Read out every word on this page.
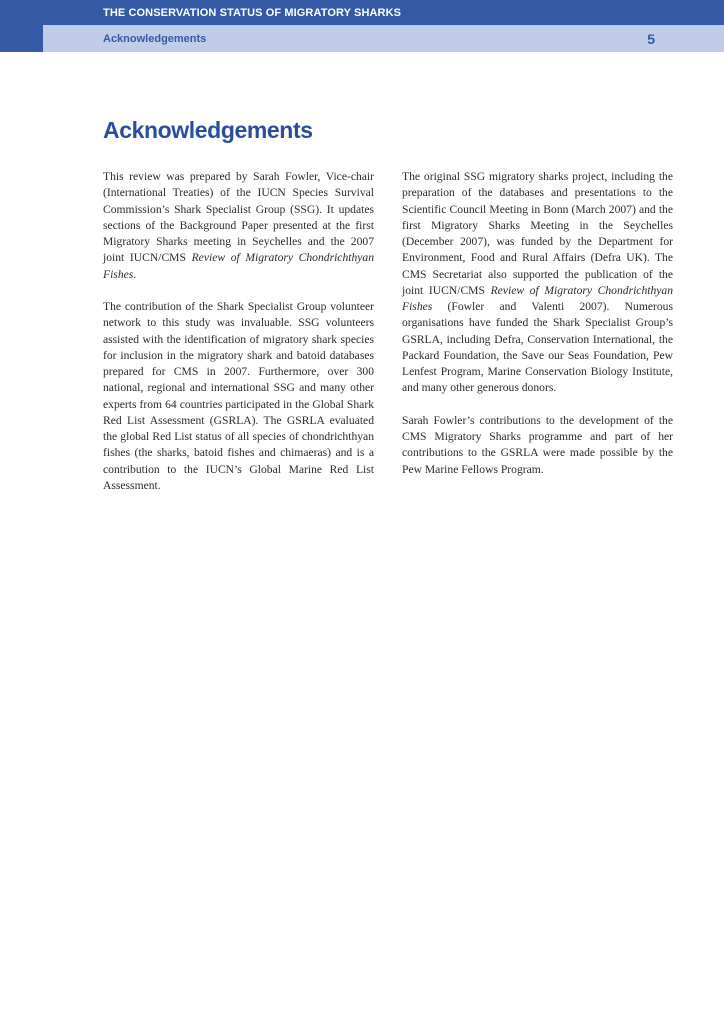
THE CONSERVATION STATUS OF MIGRATORY SHARKS
Acknowledgements	5
Acknowledgements

This review was prepared by Sarah Fowler, Vice-chair (International Treaties) of the IUCN Species Survival Commission’s Shark Specialist Group (SSG). It updates sections of the Background Paper presented at the first Migratory Sharks meeting in Seychelles and the 2007 joint IUCN/CMS Review of Migratory Chondrichthyan Fishes.

The contribution of the Shark Specialist Group volunteer network to this study was invaluable. SSG volunteers assisted with the identification of migratory shark species for inclusion in the migratory shark and batoid databases prepared for CMS in 2007. Furthermore, over 300 national, regional and international SSG and many other experts from 64 countries participated in the Global Shark Red List Assessment (GSRLA). The GSRLA evaluated the global Red List status of all species of chondrichthyan fishes (the sharks, batoid fishes and chimaeras) and is a contribution to the IUCN’s Global Marine Red List Assessment.

The original SSG migratory sharks project, including the preparation of the databases and presentations to the Scientific Council Meeting in Bonn (March 2007) and the first Migratory Sharks Meeting in the Seychelles (December 2007), was funded by the Department for Environment, Food and Rural Affairs (Defra UK). The CMS Secretariat also supported the publication of the joint IUCN/CMS Review of Migratory Chondrichthyan Fishes (Fowler and Valenti 2007). Numerous organisations have funded the Shark Specialist Group’s GSRLA, including Defra, Conservation International, the Packard Foundation, the Save our Seas Foundation, Pew Lenfest Program, Marine Conservation Biology Institute, and many other generous donors.

Sarah Fowler’s contributions to the development of the CMS Migratory Sharks programme and part of her contributions to the GSRLA were made possible by the Pew Marine Fellows Program.
